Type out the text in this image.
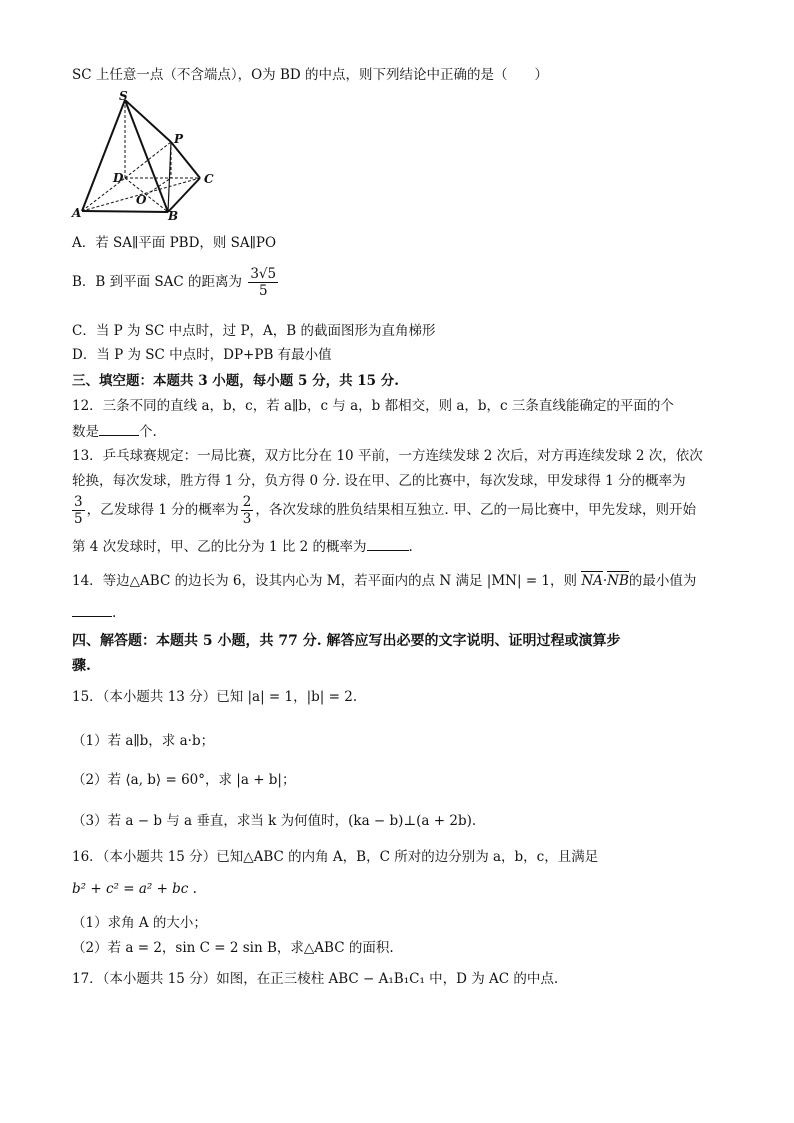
SC 上任意一点（不含端点），O为 BD 的中点，则下列结论中正确的是（　　）
S
P
D	C
O
A	B
A．若 SA∥平面 PBD，则 SA∥PO
B．B 到平面 SAC 的距离为 $\frac{3√5}{5}$
C．当 P 为 SC 中点时，过 P，A，B 的截面图形为直角梯形
D．当 P 为 SC 中点时，DP+PB 有最小值
三、填空题：本题共 3 小题，每小题 5 分，共 15 分.
12．三条不同的直线 a，b，c，若 a∥b，c 与 a，b 都相交，则 a，b，c 三条直线能确定的平面的个
数是	个.
13．乒乓球赛规定：一局比赛，双方比分在 10 平前，一方连续发球 2 次后，对方再连续发球 2 次，依次
轮换，每次发球，胜方得 1 分，负方得 0 分. 设在甲、乙的比赛中，每次发球，甲发球得 1 分的概率为
$\frac{3}{5}$ ，乙发球得 1 分的概率为 $\frac{2}{3}$ ，各次发球的胜负结果相互独立. 甲、乙的一局比赛中，甲先发球，则开始
第 4 次发球时，甲、乙的比分为 1 比 2 的概率为	.
14．等边△ABC 的边长为 6，设其内心为 M，若平面内的点 N 满足 |MN| = 1，则 NA·NB的最小值为
.
四、解答题：本题共 5 小题，共 77 分. 解答应写出必要的文字说明、证明过程或演算步
骤.
15．（本小题共 13 分）已知 |a| = 1，|b| = 2.
（1）若 a∥b，求 a·b；
（2）若 ⟨a, b⟩ = 60°，求 |a + b|；
（3）若 a − b 与 a 垂直，求当 k 为何值时，(ka − b)⊥(a + 2b).
16．（本小题共 15 分）已知△ABC 的内角 A，B，C 所对的边分别为 a，b，c，且满足
b² + c² = a² + bc .
（1）求角 A 的大小；
（2）若 a = 2，sin C = 2 sin B，求△ABC 的面积.
17．（本小题共 15 分）如图，在正三棱柱 ABC − A₁B₁C₁ 中，D 为 AC 的中点.
